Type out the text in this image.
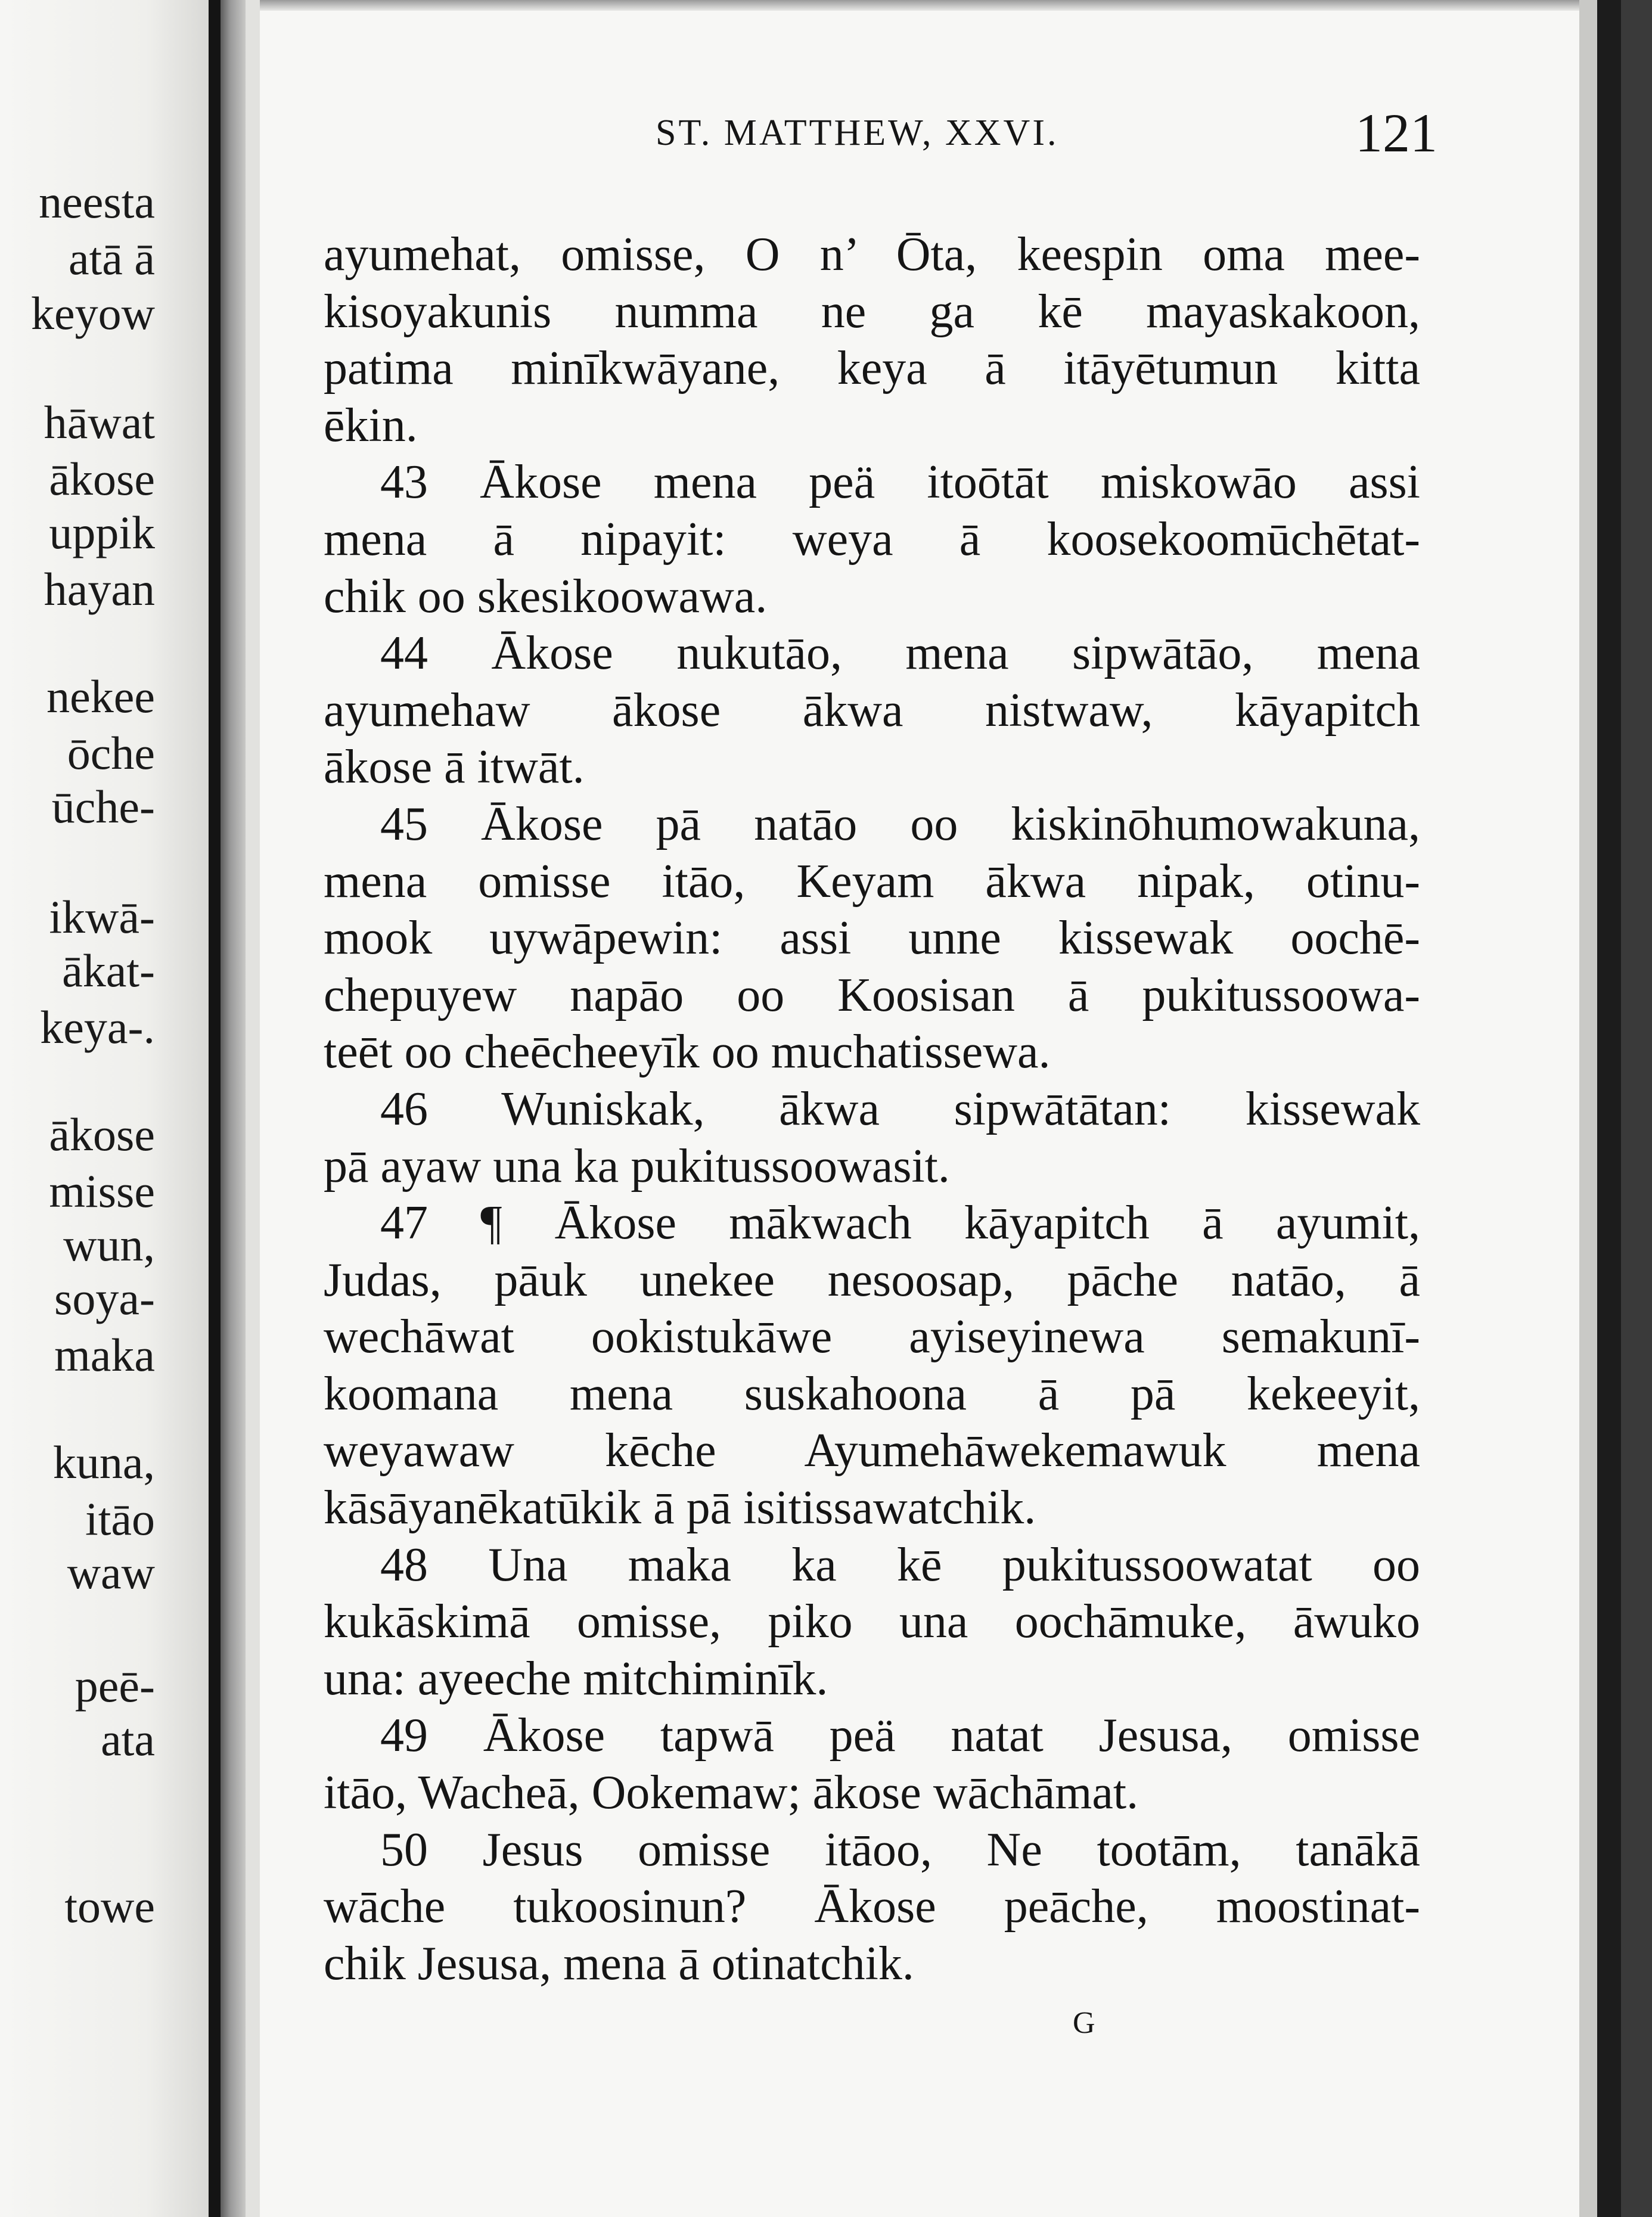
neesta
atā ā
keyow
hāwat
ākose
uppik
hayan
nekee
ōche
ūche-
ikwā-
ākat-
keya-.
ākose
misse
wun,
soya-
maka
kuna,
itāo
waw
peē-
ata
towe
ST. MATTHEW, XXVI.	121
ayumehat, omisse, O n’ Ōta, keespin oma mee-
kisoyakunis numma ne ga kē mayaskakoon,
patima minīkwāyane, keya ā itāyētumun kitta
ēkin.
43 Ākose mena peä itoōtāt miskowāo assi
mena ā nipayit: weya ā koosekoomūchētat-
chik oo skesikoowawa.
44 Ākose nukutāo, mena sipwātāo, mena
ayumehaw ākose ākwa nistwaw, kāyapitch
ākose ā itwāt.
45 Ākose pā natāo oo kiskinōhumowakuna,
mena omisse itāo, Keyam ākwa nipak, otinu-
mook uywāpewin: assi unne kissewak oochē-
chepuyew napāo oo Koosisan ā pukitussoowa-
teēt oo cheēcheeyīk oo muchatissewa.
46 Wuniskak, ākwa sipwātātan: kissewak
pā ayaw una ka pukitussoowasit.
47 ¶ Ākose mākwach kāyapitch ā ayumit,
Judas, pāuk unekee nesoosap, pāche natāo, ā
wechāwat ookistukāwe ayiseyinewa semakunī-
koomana mena suskahoona ā pā kekeeyit,
weyawaw kēche Ayumehāwekemawuk mena
kāsāyanēkatūkik ā pā isitissawatchik.
48 Una maka ka kē pukitussoowatat oo
kukāskimā omisse, piko una oochāmuke, āwuko
una: ayeeche mitchiminīk.
49 Ākose tapwā peä natat Jesusa, omisse
itāo, Wacheā, Ookemaw; ākose wāchāmat.
50 Jesus omisse itāoo, Ne tootām, tanākā
wāche tukoosinun? Ākose peāche, moostinat-
chik Jesusa, mena ā otinatchik.
G
